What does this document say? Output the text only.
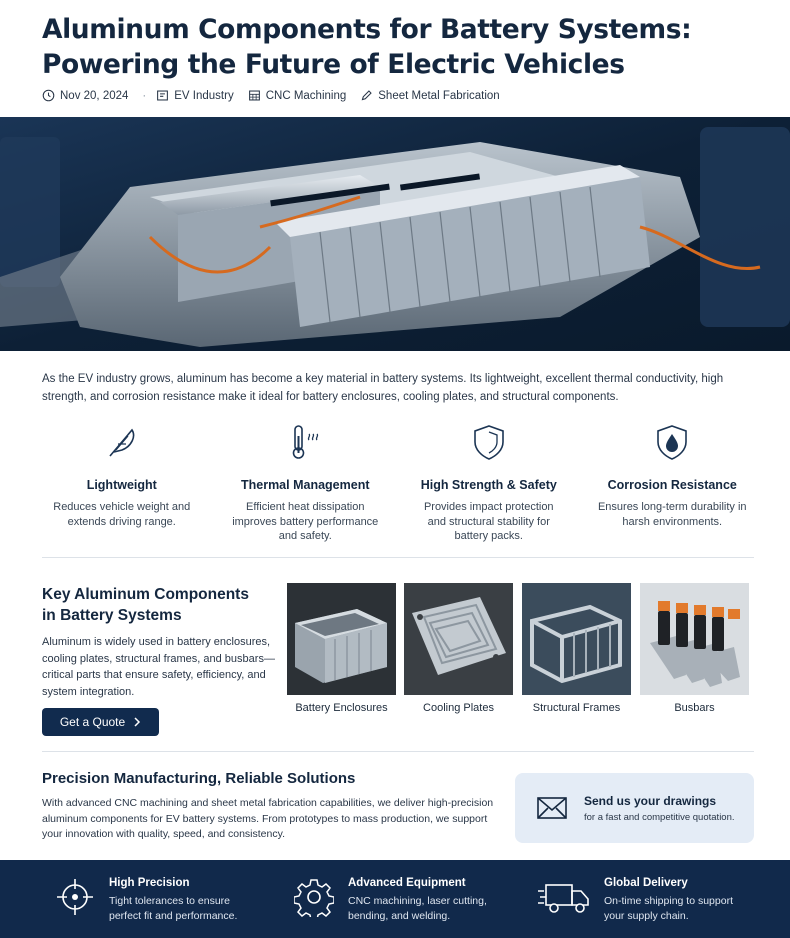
Aluminum Components for Battery Systems:
Powering the Future of Electric Vehicles
Nov 20, 2024 · EV Industry	CNC Machining	Sheet Metal Fabrication

As the EV industry grows, aluminum has become a key material in battery systems. Its lightweight, excellent thermal conductivity, high strength, and corrosion resistance make it ideal for battery enclosures, cooling plates, and structural components.

Lightweight

Reduces vehicle weight and extends driving range.

Thermal Management

Efficient heat dissipation improves battery performance and safety.

High Strength & Safety

Provides impact protection and structural stability for battery packs.

Corrosion Resistance

Ensures long-term durability in harsh environments.

Key Aluminum Components
in Battery Systems

Aluminum is widely used in battery enclosures, cooling plates, structural frames, and busbars—critical parts that ensure safety, efficiency, and system integration.

Get a Quote
Battery Enclosures	Cooling Plates	Structural Frames	Busbars
Precision Manufacturing, Reliable Solutions

With advanced CNC machining and sheet metal fabrication capabilities, we deliver high-precision aluminum components for EV battery systems. From prototypes to mass production, we support your innovation with quality, speed, and consistency.

Send us your drawings
for a fast and competitive quotation.
High Precision
Tight tolerances to ensure
perfect fit and performance.
Advanced Equipment
CNC machining, laser cutting,
bending, and welding.
Global Delivery
On-time shipping to support
your supply chain.
